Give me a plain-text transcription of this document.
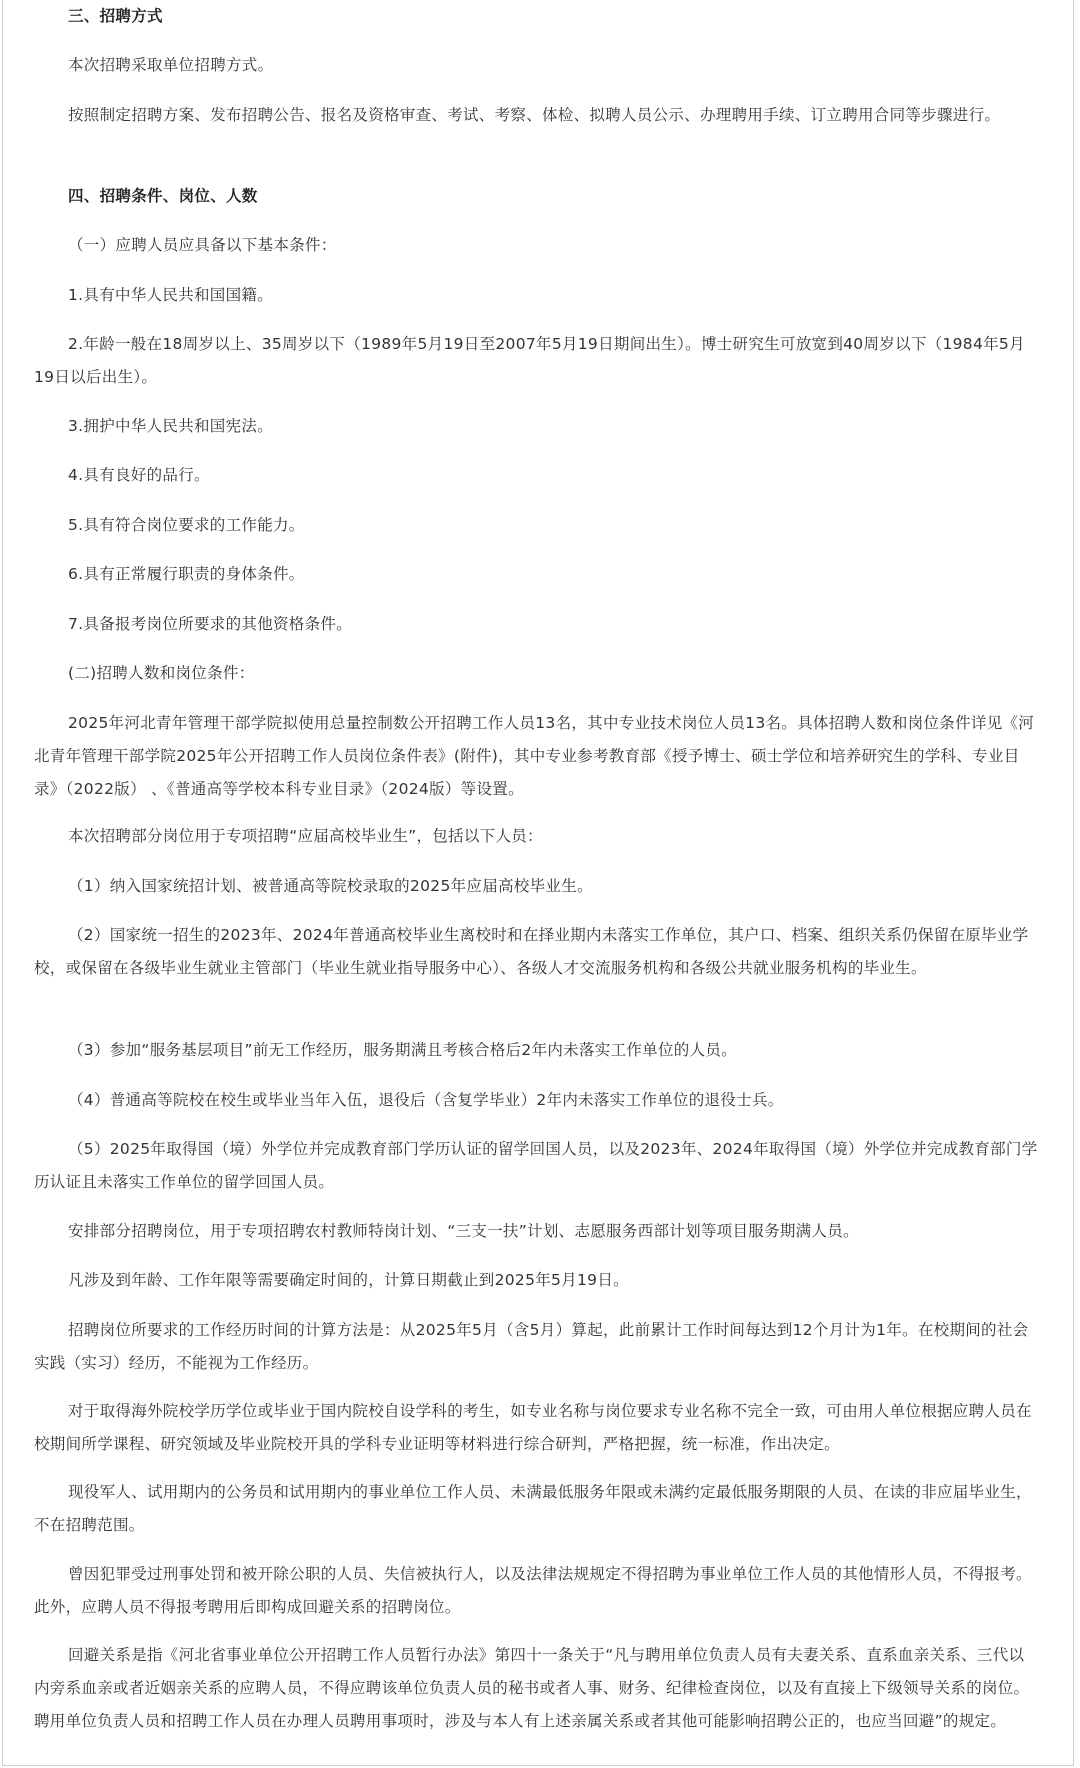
三、招聘方式

本次招聘采取单位招聘方式。

按照制定招聘方案、发布招聘公告、报名及资格审查、考试、考察、体检、拟聘人员公示、办理聘用手续、订立聘用合同等步骤进行。

四、招聘条件、岗位、人数

（一）应聘人员应具备以下基本条件：

1.具有中华人民共和国国籍。

2.年龄一般在18周岁以上、35周岁以下（1989年5月19日至2007年5月19日期间出生）。博士研究生可放宽到40周岁以下（1984年5月19日以后出生）。

3.拥护中华人民共和国宪法。

4.具有良好的品行。

5.具有符合岗位要求的工作能力。

6.具有正常履行职责的身体条件。

7.具备报考岗位所要求的其他资格条件。

(二)招聘人数和岗位条件：

2025年河北青年管理干部学院拟使用总量控制数公开招聘工作人员13名，其中专业技术岗位人员13名。具体招聘人数和岗位条件详见《河北青年管理干部学院2025年公开招聘工作人员岗位条件表》(附件)，其中专业参考教育部《授予博士、硕士学位和培养研究生的学科、专业目录》（2022版） 、《普通高等学校本科专业目录》（2024版）等设置。

本次招聘部分岗位用于专项招聘“应届高校毕业生”，包括以下人员：

（1）纳入国家统招计划、被普通高等院校录取的2025年应届高校毕业生。

（2）国家统一招生的2023年、2024年普通高校毕业生离校时和在择业期内未落实工作单位，其户口、档案、组织关系仍保留在原毕业学校，或保留在各级毕业生就业主管部门（毕业生就业指导服务中心）、各级人才交流服务机构和各级公共就业服务机构的毕业生。

（3）参加“服务基层项目”前无工作经历，服务期满且考核合格后2年内未落实工作单位的人员。

（4）普通高等院校在校生或毕业当年入伍，退役后（含复学毕业）2年内未落实工作单位的退役士兵。

（5）2025年取得国（境）外学位并完成教育部门学历认证的留学回国人员，以及2023年、2024年取得国（境）外学位并完成教育部门学历认证且未落实工作单位的留学回国人员。

安排部分招聘岗位，用于专项招聘农村教师特岗计划、“三支一扶”计划、志愿服务西部计划等项目服务期满人员。

凡涉及到年龄、工作年限等需要确定时间的，计算日期截止到2025年5月19日。

招聘岗位所要求的工作经历时间的计算方法是：从2025年5月（含5月）算起，此前累计工作时间每达到12个月计为1年。在校期间的社会实践（实习）经历，不能视为工作经历。

对于取得海外院校学历学位或毕业于国内院校自设学科的考生，如专业名称与岗位要求专业名称不完全一致，可由用人单位根据应聘人员在校期间所学课程、研究领域及毕业院校开具的学科专业证明等材料进行综合研判，严格把握，统一标准，作出决定。

现役军人、试用期内的公务员和试用期内的事业单位工作人员、未满最低服务年限或未满约定最低服务期限的人员、在读的非应届毕业生，不在招聘范围。

曾因犯罪受过刑事处罚和被开除公职的人员、失信被执行人，以及法律法规规定不得招聘为事业单位工作人员的其他情形人员，不得报考。此外，应聘人员不得报考聘用后即构成回避关系的招聘岗位。

回避关系是指《河北省事业单位公开招聘工作人员暂行办法》第四十一条关于“凡与聘用单位负责人员有夫妻关系、直系血亲关系、三代以内旁系血亲或者近姻亲关系的应聘人员，不得应聘该单位负责人员的秘书或者人事、财务、纪律检查岗位，以及有直接上下级领导关系的岗位。聘用单位负责人员和招聘工作人员在办理人员聘用事项时，涉及与本人有上述亲属关系或者其他可能影响招聘公正的，也应当回避”的规定。
